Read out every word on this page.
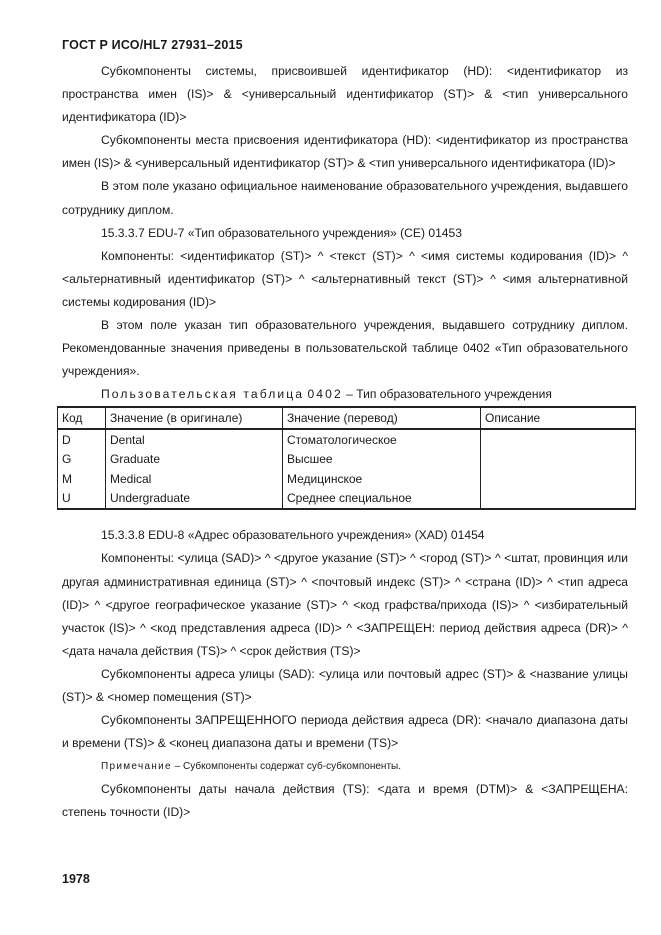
ГОСТ Р ИСО/HL7 27931–2015

Субкомпоненты системы, присвоившей идентификатор (HD): <идентификатор из пространства имен (IS)> & <универсальный идентификатор (ST)> & <тип универсального идентификатора (ID)>

Субкомпоненты места присвоения идентификатора (HD): <идентификатор из пространства имен (IS)> & <универсальный идентификатор (ST)> & <тип универсального идентификатора (ID)>

В этом поле указано официальное наименование образовательного учреждения, выдавшего сотруднику диплом.

15.3.3.7 EDU-7 «Тип образовательного учреждения» (CE) 01453

Компоненты: <идентификатор (ST)> ^ <текст (ST)> ^ <имя системы кодирования (ID)> ^ <альтернативный идентификатор (ST)> ^ <альтернативный текст (ST)> ^ <имя альтернативной системы кодирования (ID)>

В этом поле указан тип образовательного учреждения, выдавшего сотруднику диплом. Рекомендованные значения приведены в пользовательской таблице 0402 «Тип образовательного учреждения».

Пользовательская таблица 0402 – Тип образовательного учреждения

Код	Значение (в оригинале)	Значение (перевод)	Описание
D	Dental	Стоматологическое	
G	Graduate	Высшее	
M	Medical	Медицинское	
U	Undergraduate	Среднее специальное	

15.3.3.8 EDU-8 «Адрес образовательного учреждения» (XAD) 01454

Компоненты: <улица (SAD)> ^ <другое указание (ST)> ^ <город (ST)> ^ <штат, провинция или другая административная единица (ST)> ^ <почтовый индекс (ST)> ^ <страна (ID)> ^ <тип адреса (ID)> ^ <другое географическое указание (ST)> ^ <код графства/прихода (IS)> ^ <избирательный участок (IS)> ^ <код представления адреса (ID)> ^ <ЗАПРЕЩЕН: период действия адреса (DR)> ^ <дата начала действия (TS)> ^ <срок действия (TS)>

Субкомпоненты адреса улицы (SAD): <улица или почтовый адрес (ST)> & <название улицы (ST)> & <номер помещения (ST)>

Субкомпоненты ЗАПРЕЩЕННОГО периода действия адреса (DR): <начало диапазона даты и времени (TS)> & <конец диапазона даты и времени (TS)>

Примечание – Субкомпоненты содержат суб-субкомпоненты.

Субкомпоненты даты начала действия (TS): <дата и время (DTM)> & <ЗАПРЕЩЕНА: степень точности (ID)>

1978
